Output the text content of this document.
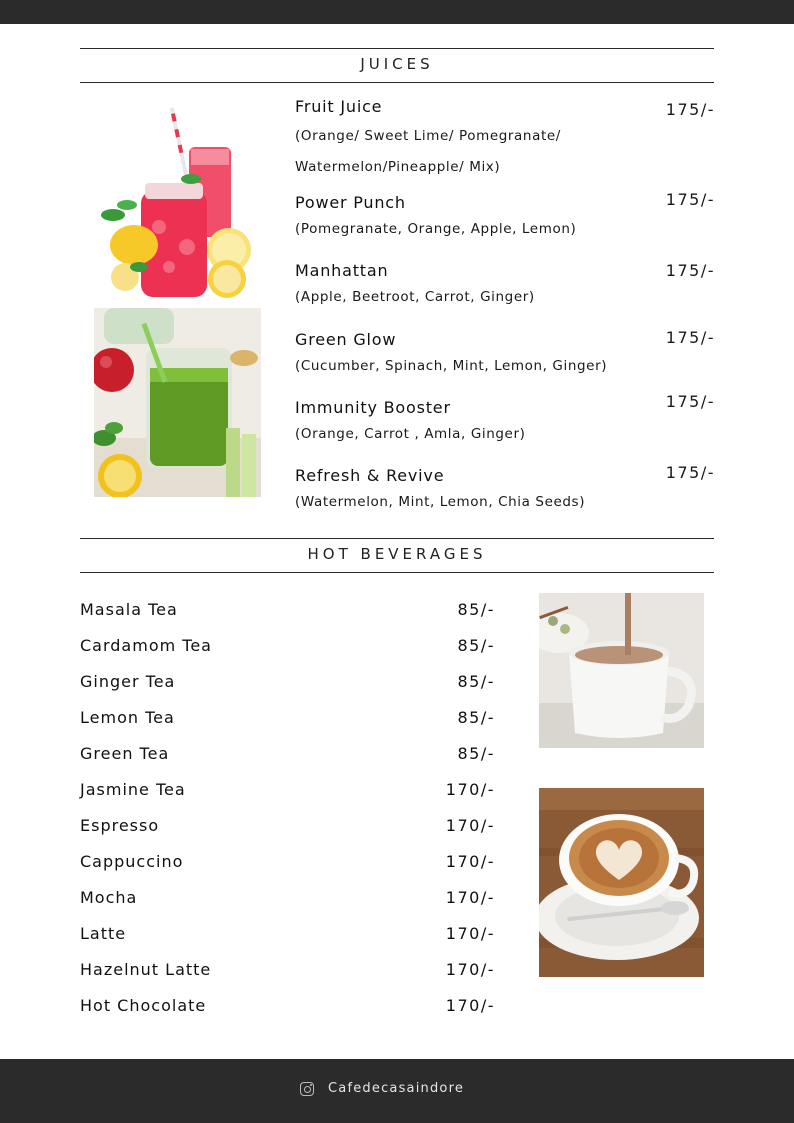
JUICES
Fruit Juice
(Orange/ Sweet Lime/ Pomegranate/ Watermelon/Pineapple/ Mix)
175/-
Power Punch
(Pomegranate, Orange, Apple, Lemon)
175/-
Manhattan
(Apple, Beetroot, Carrot, Ginger)
175/-
Green Glow
(Cucumber, Spinach, Mint, Lemon, Ginger)
175/-
Immunity Booster
(Orange, Carrot , Amla, Ginger)
175/-
Refresh & Revive
(Watermelon, Mint, Lemon, Chia Seeds)
175/-
HOT BEVERAGES
Masala Tea	85/-
Cardamom Tea	85/-
Ginger Tea	85/-
Lemon Tea	85/-
Green Tea	85/-
Jasmine Tea	170/-
Espresso	170/-
Cappuccino	170/-
Mocha	170/-
Latte	170/-
Hazelnut Latte	170/-
Hot Chocolate	170/-
Cafedecasaindore
